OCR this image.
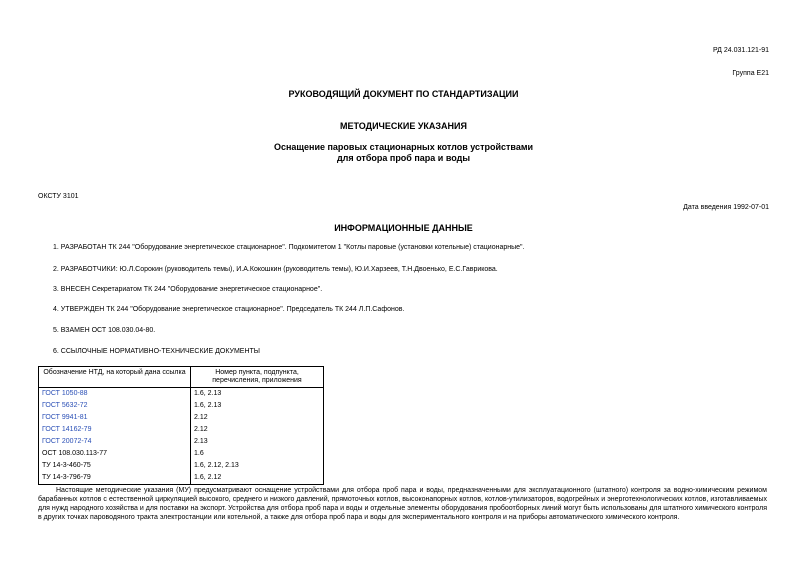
РД 24.031.121-91
Группа Е21
РУКОВОДЯЩИЙ ДОКУМЕНТ ПО СТАНДАРТИЗАЦИИ
МЕТОДИЧЕСКИЕ УКАЗАНИЯ
Оснащение паровых стационарных котлов устройствами
для отбора проб пара и воды
ОКСТУ 3101
Дата введения 1992-07-01
ИНФОРМАЦИОННЫЕ ДАННЫЕ
1. РАЗРАБОТАН ТК 244 "Оборудование энергетическое стационарное". Подкомитетом 1 "Котлы паровые (установки котельные) стационарные".
2. РАЗРАБОТЧИКИ: Ю.Л.Сорокин (руководитель темы), И.А.Кокошкин (руководитель темы), Ю.И.Харзеев, Т.Н.Двоенько, Е.С.Гаврикова.
3. ВНЕСЕН Секретариатом ТК 244 "Оборудование энергетическое стационарное".
4. УТВЕРЖДЕН ТК 244 "Оборудование энергетическое стационарное". Председатель ТК 244 Л.П.Сафонов.
5. ВЗАМЕН ОСТ 108.030.04-80.
6. ССЫЛОЧНЫЕ НОРМАТИВНО-ТЕХНИЧЕСКИЕ ДОКУМЕНТЫ
Обозначение НТД, на который дана ссылка	Номер пункта, подпункта, перечисления, приложения
ГОСТ 1050-88	1.6, 2.13
ГОСТ 5632-72	1.6, 2.13
ГОСТ 9941-81	2.12
ГОСТ 14162-79	2.12
ГОСТ 20072-74	2.13
ОСТ 108.030.113-77	1.6
ТУ 14-3-460-75	1.6, 2.12, 2.13
ТУ 14-3-796-79	1.6, 2.12
Настоящие методические указания (МУ) предусматривают оснащение устройствами для отбора проб пара и воды, предназначенными для эксплуатационного (штатного) контроля за водно-химическим режимом барабанных котлов с естественной циркуляцией высокого, среднего и низкого давлений, прямоточных котлов, высоконапорных котлов, котлов-утилизаторов, водогрейных и энерготехнологических котлов, изготавливаемых для нужд народного хозяйства и для поставки на экспорт. Устройства для отбора проб пара и воды и отдельные элементы оборудования пробоотборных линий могут быть использованы для штатного химического контроля в других точках пароводяного тракта электростанции или котельной, а также для отбора проб пара и воды для экспериментального контроля и на приборы автоматического химического контроля.
